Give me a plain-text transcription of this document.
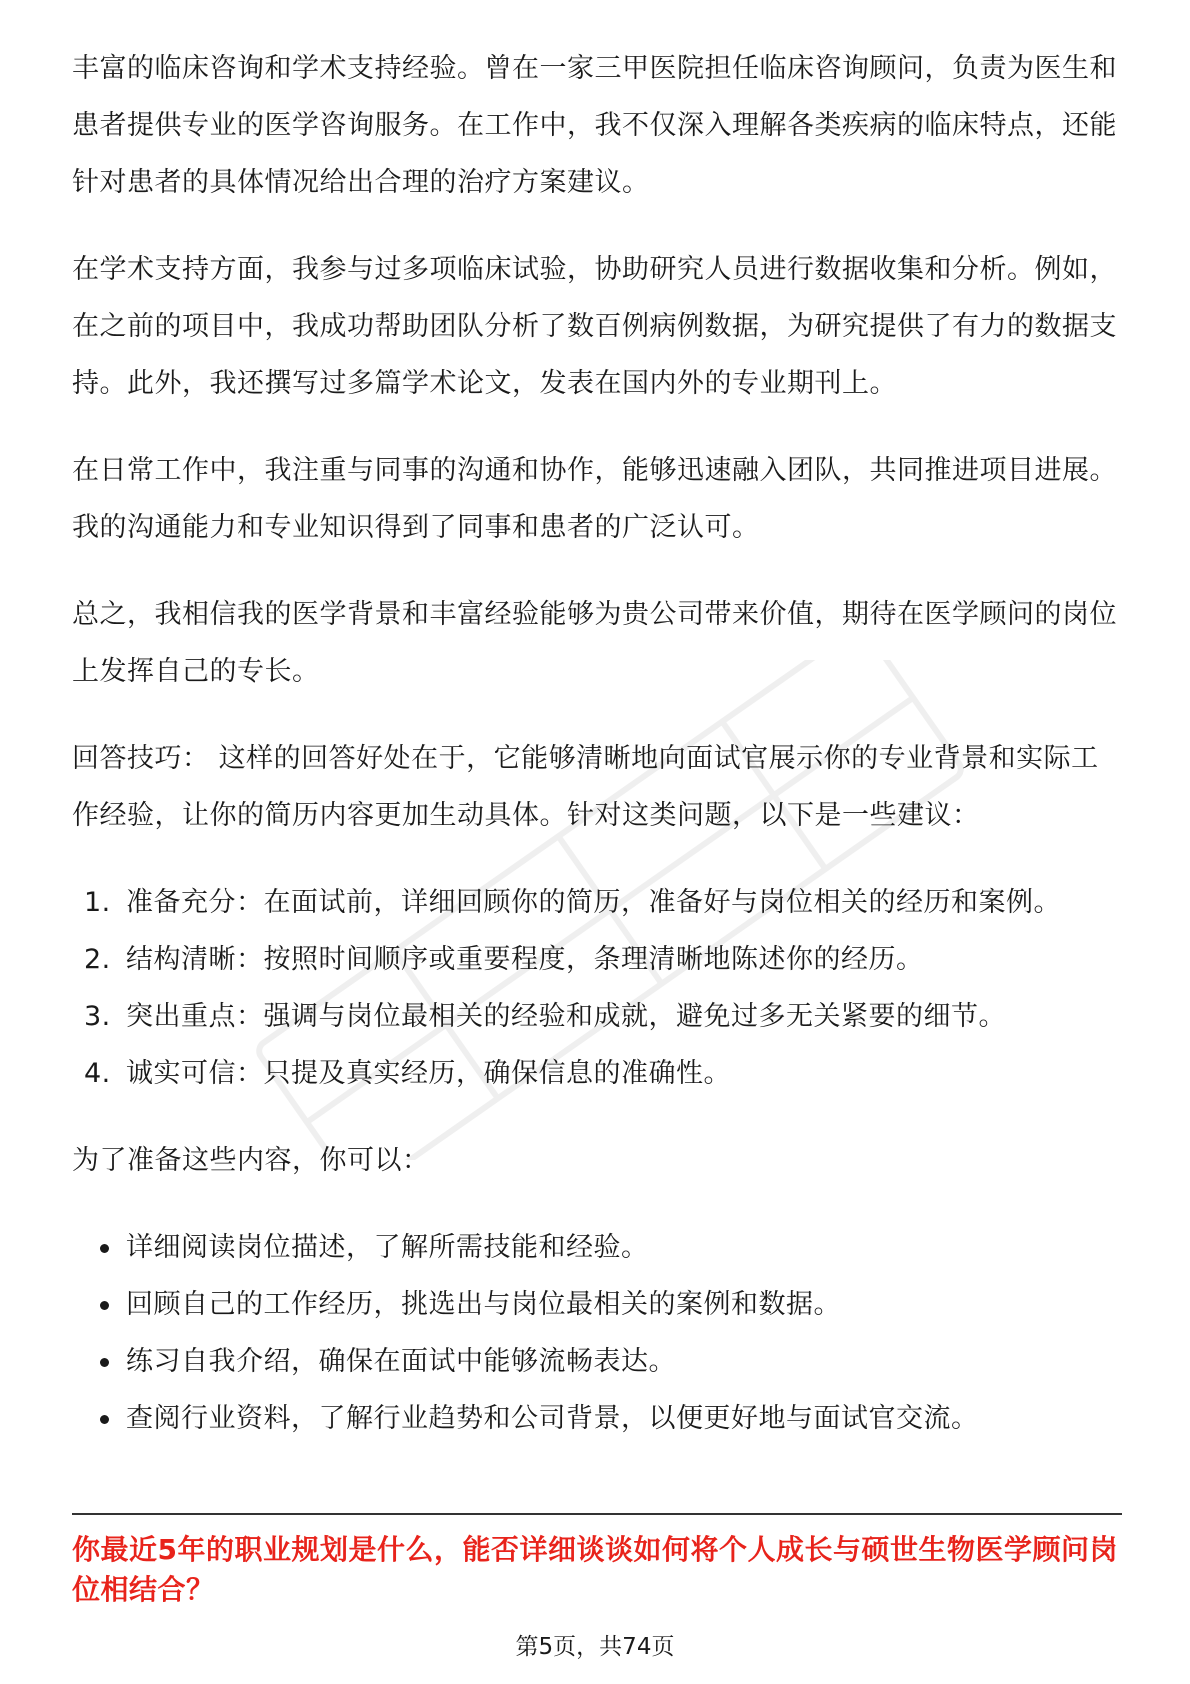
丰富的临床咨询和学术支持经验。曾在一家三甲医院担任临床咨询顾问，负责为医生和患者提供专业的医学咨询服务。在工作中，我不仅深入理解各类疾病的临床特点，还能针对患者的具体情况给出合理的治疗方案建议。

在学术支持方面，我参与过多项临床试验，协助研究人员进行数据收集和分析。例如，在之前的项目中，我成功帮助团队分析了数百例病例数据，为研究提供了有力的数据支持。此外，我还撰写过多篇学术论文，发表在国内外的专业期刊上。

在日常工作中，我注重与同事的沟通和协作，能够迅速融入团队，共同推进项目进展。我的沟通能力和专业知识得到了同事和患者的广泛认可。

总之，我相信我的医学背景和丰富经验能够为贵公司带来价值，期待在医学顾问的岗位上发挥自己的专长。

回答技巧： 这样的回答好处在于，它能够清晰地向面试官展示你的专业背景和实际工作经验，让你的简历内容更加生动具体。针对这类问题，以下是一些建议：

1. 准备充分：在面试前，详细回顾你的简历，准备好与岗位相关的经历和案例。
2. 结构清晰：按照时间顺序或重要程度，条理清晰地陈述你的经历。
3. 突出重点：强调与岗位最相关的经验和成就，避免过多无关紧要的细节。
4. 诚实可信：只提及真实经历，确保信息的准确性。

为了准备这些内容，你可以：

详细阅读岗位描述，了解所需技能和经验。
回顾自己的工作经历，挑选出与岗位最相关的案例和数据。
练习自我介绍，确保在面试中能够流畅表达。
查阅行业资料，了解行业趋势和公司背景，以便更好地与面试官交流。
你最近5年的职业规划是什么，能否详细谈谈如何将个人成长与硕世生物医学顾问岗位相结合？
第5页，共74页
